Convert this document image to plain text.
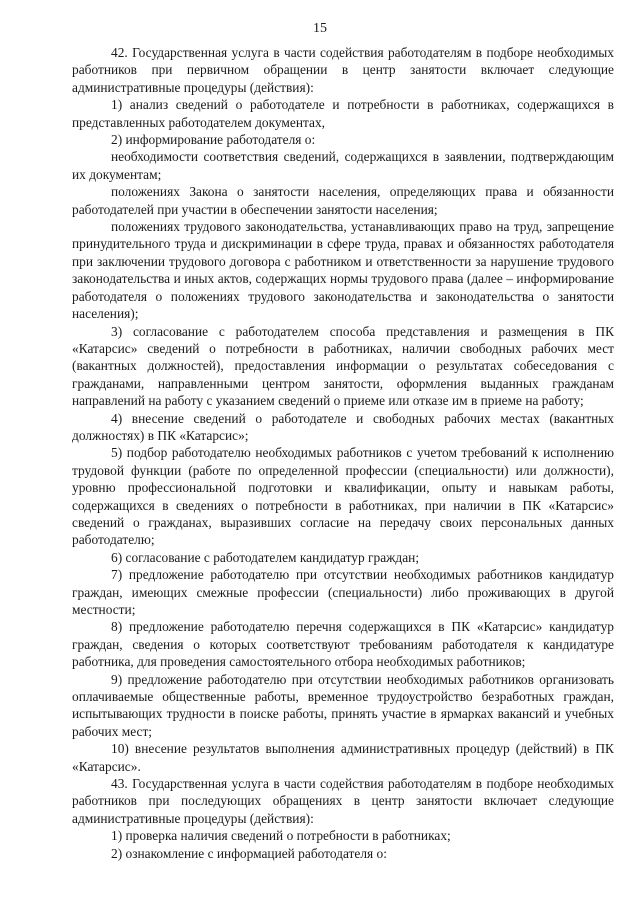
15

42. Государственная услуга в части содействия работодателям в подборе необходимых работников при первичном обращении в центр занятости включает следующие административные процедуры (действия):

1) анализ сведений о работодателе и потребности в работниках, содержащихся в представленных работодателем документах,

2) информирование работодателя о:

необходимости соответствия сведений, содержащихся в заявлении, подтверждающим их документам;

положениях Закона о занятости населения, определяющих права и обязанности работодателей при участии в обеспечении занятости населения;

положениях трудового законодательства, устанавливающих право на труд, запрещение принудительного труда и дискриминации в сфере труда, правах и обязанностях работодателя при заключении трудового договора с работником и ответственности за нарушение трудового законодательства и иных актов, содержащих нормы трудового права (далее – информирование работодателя о положениях трудового законодательства и законодательства о занятости населения);

3) согласование с работодателем способа представления и размещения в ПК «Катарсис» сведений о потребности в работниках, наличии свободных рабочих мест (вакантных должностей), предоставления информации о результатах собеседования с гражданами, направленными центром занятости, оформления выданных гражданам направлений на работу с указанием сведений о приеме или отказе им в приеме на работу;

4) внесение сведений о работодателе и свободных рабочих местах (вакантных должностях) в ПК «Катарсис»;

5) подбор работодателю необходимых работников с учетом требований к исполнению трудовой функции (работе по определенной профессии (специальности) или должности), уровню профессиональной подготовки и квалификации, опыту и навыкам работы, содержащихся в сведениях о потребности в работниках, при наличии в ПК «Катарсис» сведений о гражданах, выразивших согласие на передачу своих персональных данных работодателю;

6) согласование с работодателем кандидатур граждан;

7) предложение работодателю при отсутствии необходимых работников кандидатур граждан, имеющих смежные профессии (специальности) либо проживающих в другой местности;

8) предложение работодателю перечня содержащихся в ПК «Катарсис» кандидатур граждан, сведения о которых соответствуют требованиям работодателя к кандидатуре работника, для проведения самостоятельного отбора необходимых работников;

9) предложение работодателю при отсутствии необходимых работников организовать оплачиваемые общественные работы, временное трудоустройство безработных граждан, испытывающих трудности в поиске работы, принять участие в ярмарках вакансий и учебных рабочих мест;

10) внесение результатов выполнения административных процедур (действий) в ПК «Катарсис».

43. Государственная услуга в части содействия работодателям в подборе необходимых работников при последующих обращениях в центр занятости включает следующие административные процедуры (действия):

1) проверка наличия сведений о потребности в работниках;

2) ознакомление с информацией работодателя о:
